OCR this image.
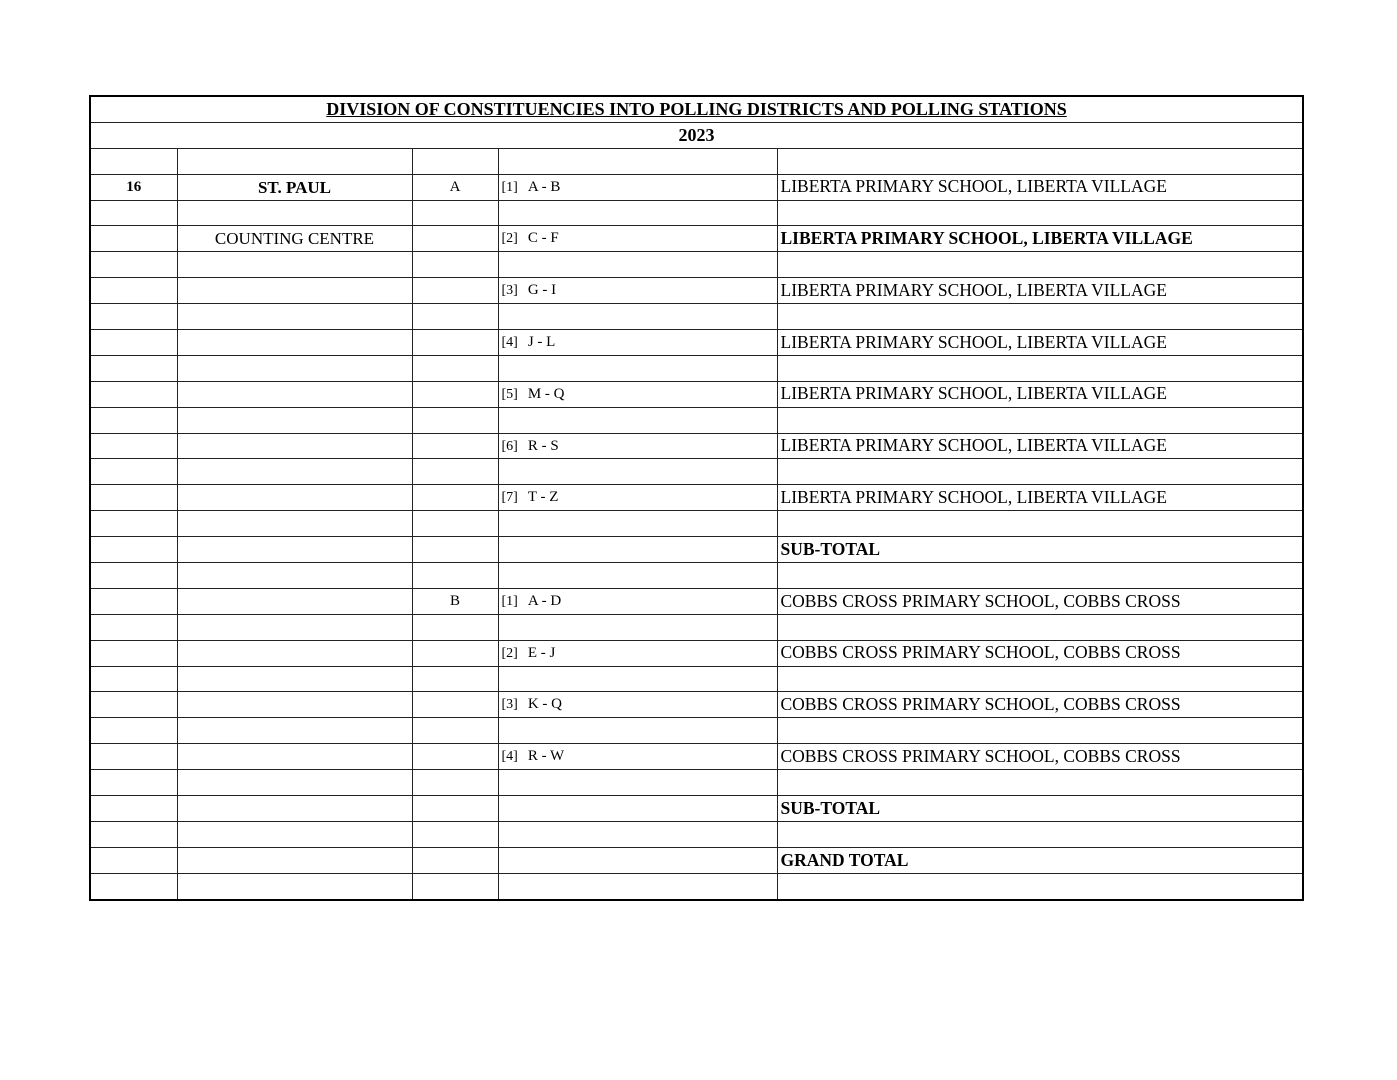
DIVISION OF CONSTITUENCIES INTO POLLING DISTRICTS AND POLLING STATIONS				
2023				

16	ST. PAUL	A	[1] A - B	LIBERTA PRIMARY SCHOOL, LIBERTA VILLAGE

	COUNTING CENTRE		[2] C - F	LIBERTA PRIMARY SCHOOL, LIBERTA VILLAGE

			[3] G - I	LIBERTA PRIMARY SCHOOL, LIBERTA VILLAGE

			[4] J - L	LIBERTA PRIMARY SCHOOL, LIBERTA VILLAGE

			[5] M - Q	LIBERTA PRIMARY SCHOOL, LIBERTA VILLAGE

			[6] R - S	LIBERTA PRIMARY SCHOOL, LIBERTA VILLAGE

			[7] T - Z	LIBERTA PRIMARY SCHOOL, LIBERTA VILLAGE

				SUB-TOTAL

		B	[1] A - D	COBBS CROSS PRIMARY SCHOOL, COBBS CROSS

			[2] E - J	COBBS CROSS PRIMARY SCHOOL, COBBS CROSS

			[3] K - Q	COBBS CROSS PRIMARY SCHOOL, COBBS CROSS

			[4] R - W	COBBS CROSS PRIMARY SCHOOL, COBBS CROSS

				SUB-TOTAL

				GRAND TOTAL
